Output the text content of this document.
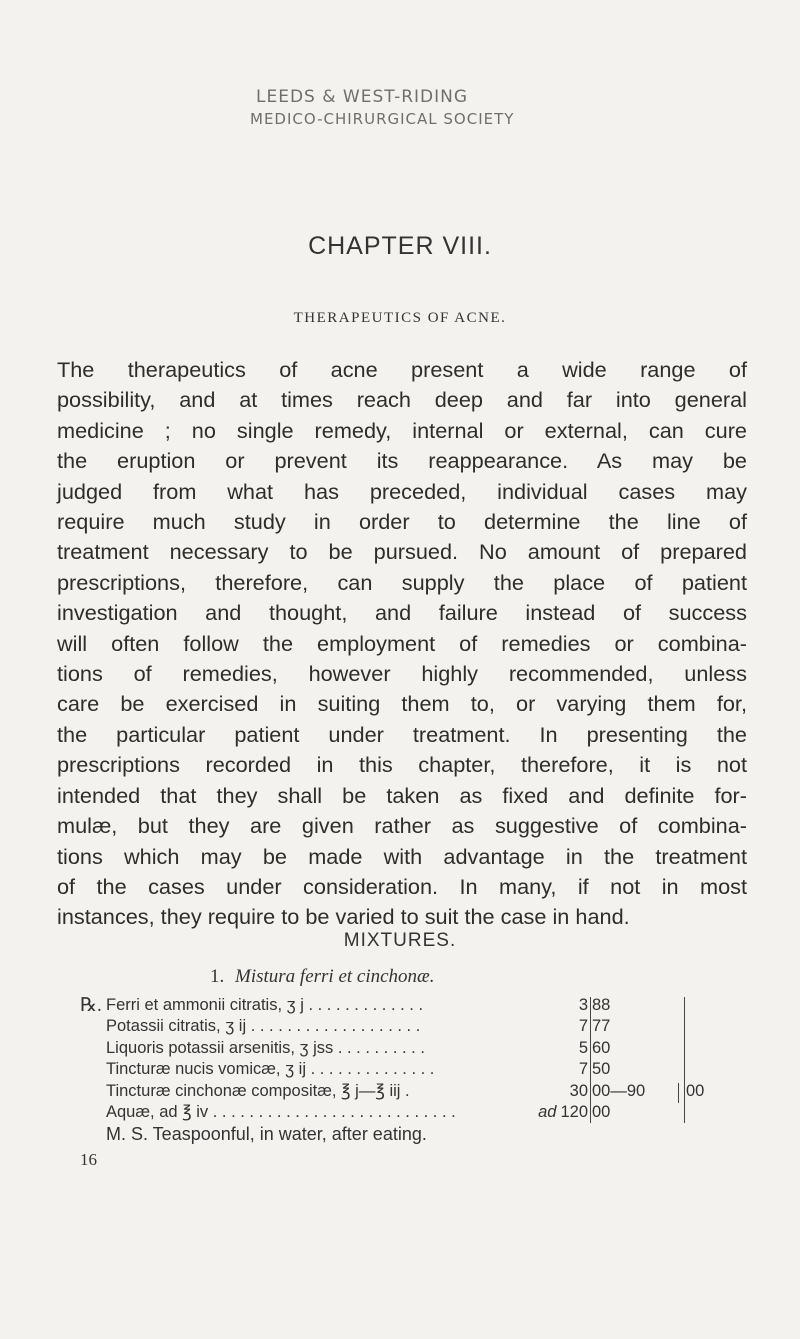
LEEDS & WEST-RIDING
MEDICO-CHIRURGICAL SOCIETY
CHAPTER VIII.
THERAPEUTICS OF ACNE.
The therapeutics of acne present a wide range of
possibility, and at times reach deep and far into general
medicine ; no single remedy, internal or external, can cure
the eruption or prevent its reappearance. As may be
judged from what has preceded, individual cases may
require much study in order to determine the line of
treatment necessary to be pursued. No amount of prepared
prescriptions, therefore, can supply the place of patient
investigation and thought, and failure instead of success
will often follow the employment of remedies or combina-
tions of remedies, however highly recommended, unless
care be exercised in suiting them to, or varying them for,
the particular patient under treatment. In presenting the
prescriptions recorded in this chapter, therefore, it is not
intended that they shall be taken as fixed and definite for-
mulæ, but they are given rather as suggestive of combina-
tions which may be made with advantage in the treatment
of the cases under consideration. In many, if not in most
instances, they require to be varied to suit the case in hand.
MIXTURES.
1. Mistura ferri et cinchonæ.
℞. Ferri et ammonii citratis, ʒ j . . . . . . . . . . . . .	3 88
Potassii citratis, ʒ ij . . . . . . . . . . . . . . . . . . .	7 77
Liquoris potassii arsenitis, ʒ jss . . . . . . . . . .	5 60
Tincturæ nucis vomicæ, ʒ ij . . . . . . . . . . . . . .	7 50
Tincturæ cinchonæ compositæ, ℥ j—℥ iij .	30 00—90 00
Aquæ, ad ℥ iv . . . . . . . . . . . . . . . . . . . . . . . . . . .	ad 120 00
M. S. Teaspoonful, in water, after eating.
16
